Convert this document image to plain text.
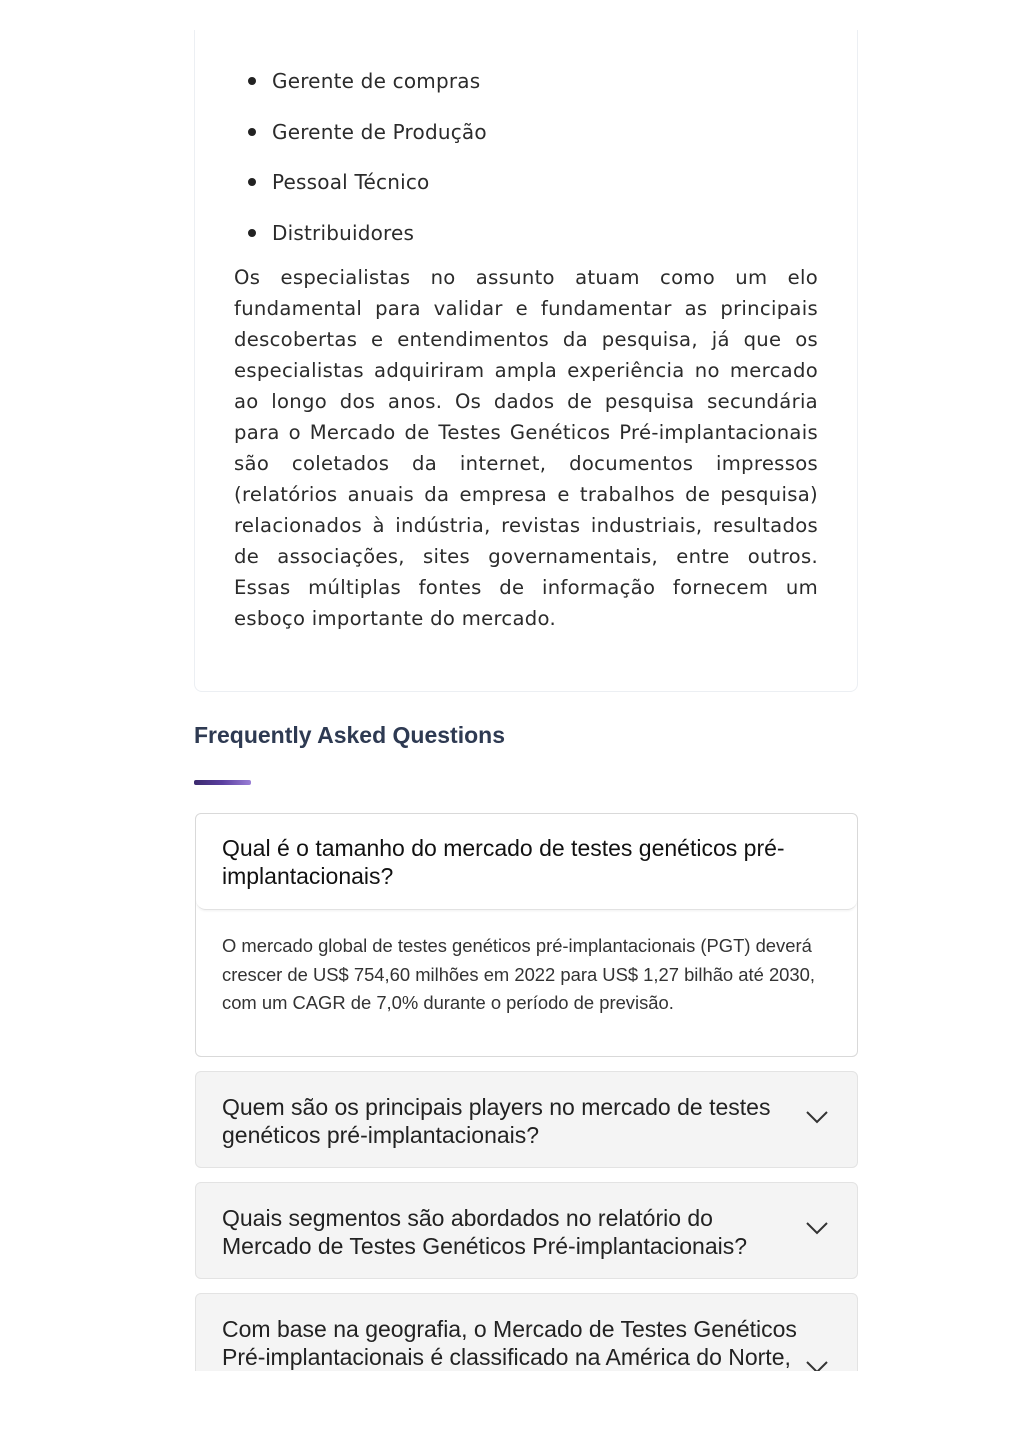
Gerente de compras
Gerente de Produção
Pessoal Técnico
Distribuidores

Os especialistas no assunto atuam como um elo fundamental para validar e fundamentar as principais descobertas e entendimentos da pesquisa, já que os especialistas adquiriram ampla experiência no mercado ao longo dos anos. Os dados de pesquisa secundária para o Mercado de Testes Genéticos Pré-implantacionais são coletados da internet, documentos impressos (relatórios anuais da empresa e trabalhos de pesquisa) relacionados à indústria, revistas industriais, resultados de associações, sites governamentais, entre outros. Essas múltiplas fontes de informação fornecem um esboço importante do mercado.

Frequently Asked Questions
Qual é o tamanho do mercado de testes genéticos pré-implantacionais?

O mercado global de testes genéticos pré-implantacionais (PGT) deverá crescer de US$ 754,60 milhões em 2022 para US$ 1,27 bilhão até 2030, com um CAGR de 7,0% durante o período de previsão.

Quem são os principais players no mercado de testes genéticos pré-implantacionais?
Quais segmentos são abordados no relatório do Mercado de Testes Genéticos Pré-implantacionais?
Com base na geografia, o Mercado de Testes Genéticos Pré-implantacionais é classificado na América do Norte,
